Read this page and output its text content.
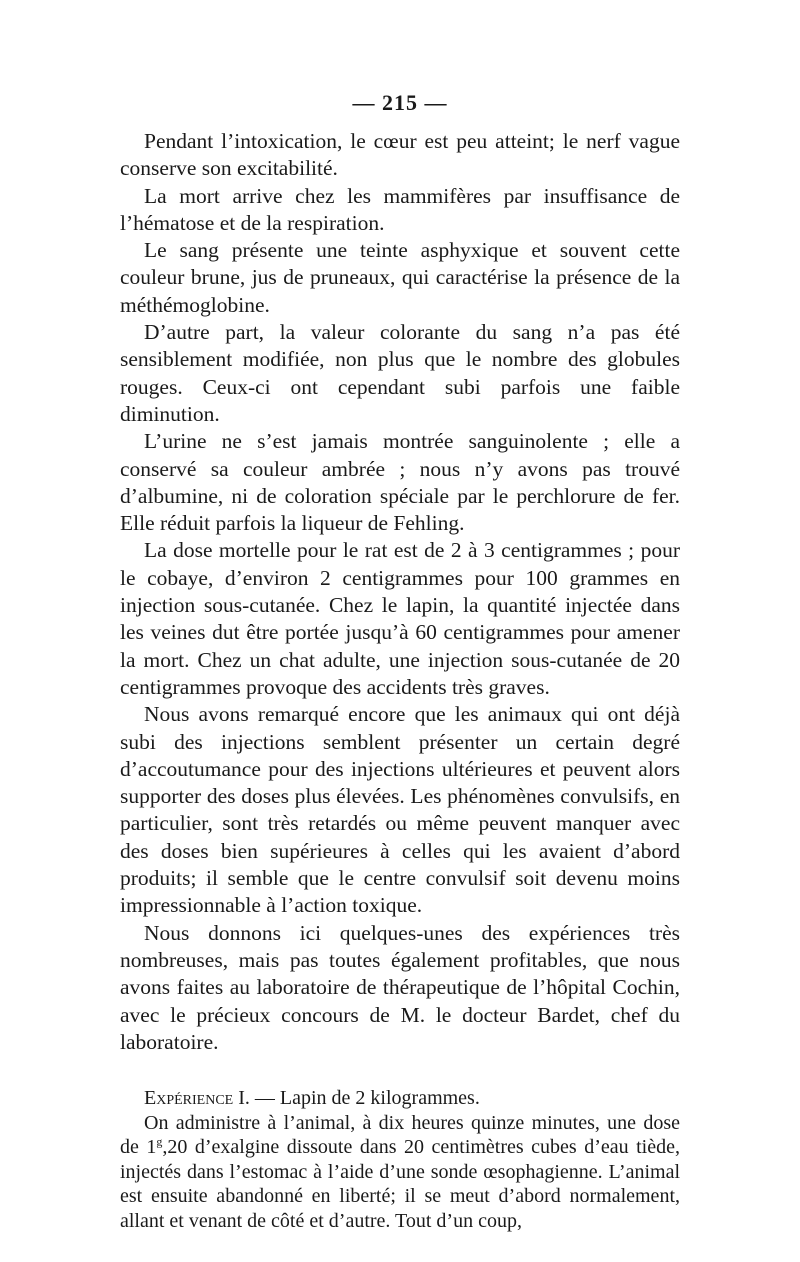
— 215 —

Pendant l’intoxication, le cœur est peu atteint; le nerf vague conserve son excitabilité.

La mort arrive chez les mammifères par insuffisance de l’hématose et de la respiration.

Le sang présente une teinte asphyxique et souvent cette couleur brune, jus de pruneaux, qui caractérise la présence de la méthémoglobine.

D’autre part, la valeur colorante du sang n’a pas été sensiblement modifiée, non plus que le nombre des globules rouges. Ceux-ci ont cependant subi parfois une faible diminution.

L’urine ne s’est jamais montrée sanguinolente ; elle a conservé sa couleur ambrée ; nous n’y avons pas trouvé d’albumine, ni de coloration spéciale par le perchlorure de fer. Elle réduit parfois la liqueur de Fehling.

La dose mortelle pour le rat est de 2 à 3 centigrammes ; pour le cobaye, d’environ 2 centigrammes pour 100 grammes en injection sous-cutanée. Chez le lapin, la quantité injectée dans les veines dut être portée jusqu’à 60 centigrammes pour amener la mort. Chez un chat adulte, une injection sous-cutanée de 20 centigrammes provoque des accidents très graves.

Nous avons remarqué encore que les animaux qui ont déjà subi des injections semblent présenter un certain degré d’accoutumance pour des injections ultérieures et peuvent alors supporter des doses plus élevées. Les phénomènes convulsifs, en particulier, sont très retardés ou même peuvent manquer avec des doses bien supérieures à celles qui les avaient d’abord produits; il semble que le centre convulsif soit devenu moins impressionnable à l’action toxique.

Nous donnons ici quelques-unes des expériences très nombreuses, mais pas toutes également profitables, que nous avons faites au laboratoire de thérapeutique de l’hôpital Cochin, avec le précieux concours de M. le docteur Bardet, chef du laboratoire.

Expérience I. — Lapin de 2 kilogrammes.

On administre à l’animal, à dix heures quinze minutes, une dose de 1$^g$,20 d’exalgine dissoute dans 20 centimètres cubes d’eau tiède, injectés dans l’estomac à l’aide d’une sonde œsophagienne. L’animal est ensuite abandonné en liberté; il se meut d’abord normalement, allant et venant de côté et d’autre. Tout d’un coup,
